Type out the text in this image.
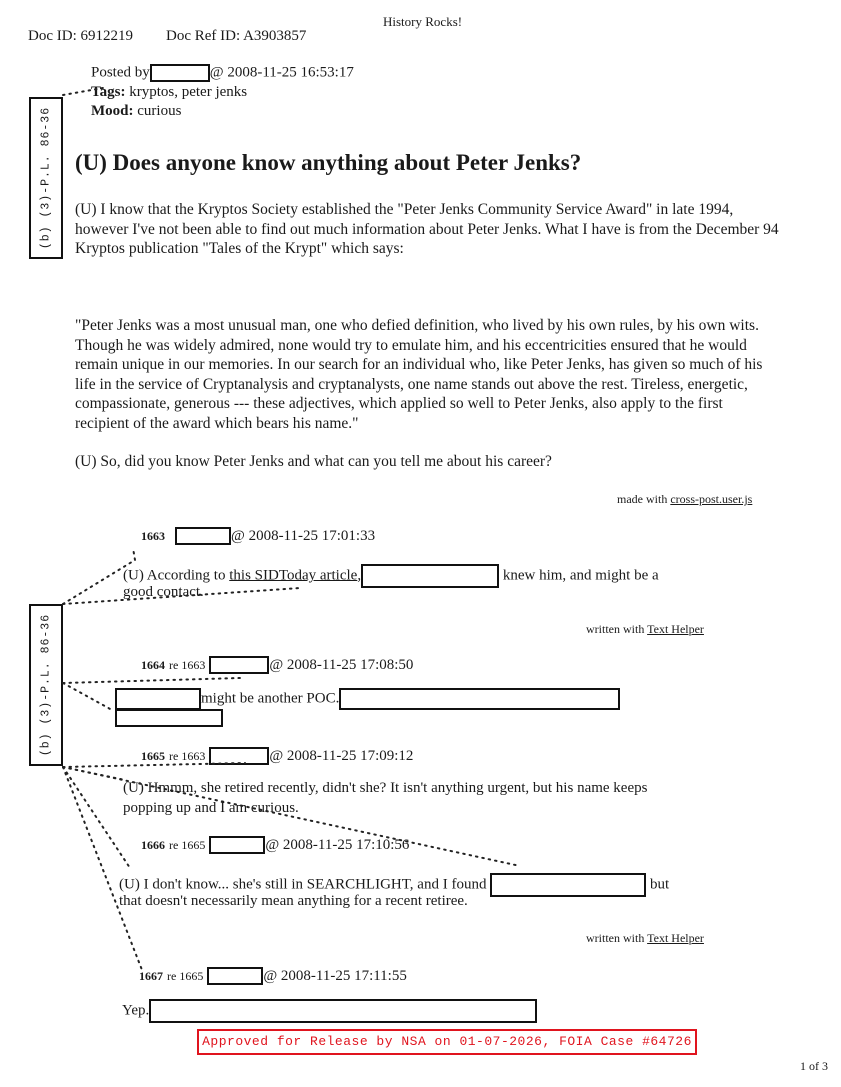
History Rocks!
Doc ID: 6912219 Doc Ref ID: A3903857
Posted by	@ 2008-11-25 16:53:17
Tags: kryptos, peter jenks
Mood: curious
(U) Does anyone know anything about Peter Jenks?
(U) I know that the Kryptos Society established the "Peter Jenks Community Service Award" in late 1994, however I've not been able to find out much information about Peter Jenks. What I have is from the December 94 Kryptos publication "Tales of the Krypt" which says:
"Peter Jenks was a most unusual man, one who defied definition, who lived by his own rules, by his own wits. Though he was widely admired, none would try to emulate him, and his eccentricities ensured that he would remain unique in our memories. In our search for an individual who, like Peter Jenks, has given so much of his life in the service of Cryptanalysis and cryptanalysts, one name stands out above the rest. Tireless, energetic, compassionate, generous --- these adjectives, which applied so well to Peter Jenks, also apply to the first recipient of the award which bears his name."
(U) So, did you know Peter Jenks and what can you tell me about his career?
made with cross-post.user.js
(b) (3)-P.L. 86-36
(b) (3)-P.L. 86-36
1663	@ 2008-11-25 17:01:33
(U) According to this SIDToday article,	knew him, and might be a
good contact.
written with Text Helper
1664 re 1663	@ 2008-11-25 17:08:50
might be another POC.
1665 re 1663	@ 2008-11-25 17:09:12
(U) Hmmm, she retired recently, didn't she? It isn't anything urgent, but his name keeps
popping up and I am curious.
1666 re 1665	@ 2008-11-25 17:10:56
(U) I don't know... she's still in SEARCHLIGHT, and I found	but
that doesn't necessarily mean anything for a recent retiree.
written with Text Helper
1667 re 1665	@ 2008-11-25 17:11:55
Yep.
Approved for Release by NSA on 01-07-2026, FOIA Case #64726
1 of 3
